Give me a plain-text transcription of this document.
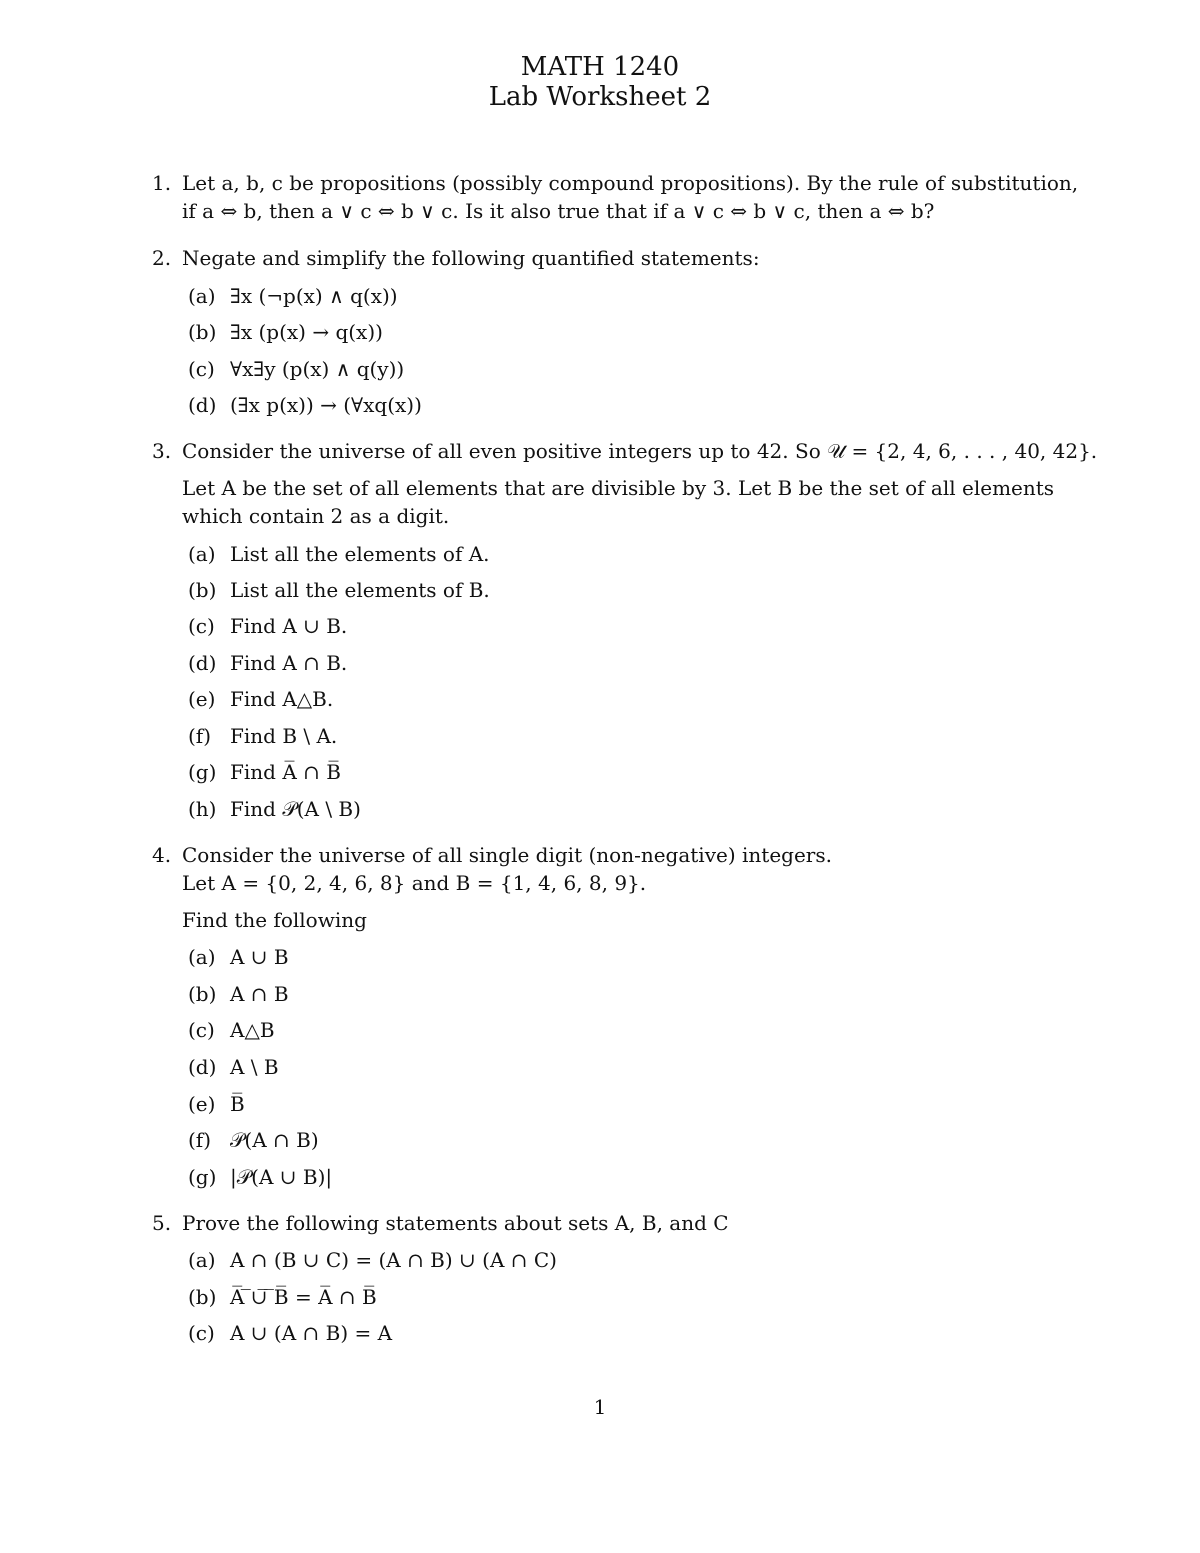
MATH 1240
Lab Worksheet 2
1. Let a, b, c be propositions (possibly compound propositions). By the rule of substitution,
if a ⇔ b, then a ∨ c ⇔ b ∨ c. Is it also true that if a ∨ c ⇔ b ∨ c, then a ⇔ b?
2. Negate and simplify the following quantified statements:
(a) ∃x (¬p(x) ∧ q(x))
(b) ∃x (p(x) → q(x))
(c) ∀x∃y (p(x) ∧ q(y))
(d) (∃x p(x)) → (∀xq(x))
3. Consider the universe of all even positive integers up to 42. So 𝒰 = {2, 4, 6, . . . , 40, 42}.
Let A be the set of all elements that are divisible by 3. Let B be the set of all elements
which contain 2 as a digit.
(a) List all the elements of A.
(b) List all the elements of B.
(c) Find A ∪ B.
(d) Find A ∩ B.
(e) Find A△B.
(f) Find B \ A.
(g) Find A̅ ∩ B̅
(h) Find 𝒫(A \ B)
4. Consider the universe of all single digit (non-negative) integers.
Let A = {0, 2, 4, 6, 8} and B = {1, 4, 6, 8, 9}.
Find the following
(a) A ∪ B
(b) A ∩ B
(c) A△B
(d) A \ B
(e) B̅
(f) 𝒫(A ∩ B)
(g) |𝒫(A ∪ B)|
5. Prove the following statements about sets A, B, and C
(a) A ∩ (B ∪ C) = (A ∩ B) ∪ (A ∩ C)
(b) A̅ ̅∪̅ ̅B̅ = A̅ ∩ B̅
(c) A ∪ (A ∩ B) = A
1
